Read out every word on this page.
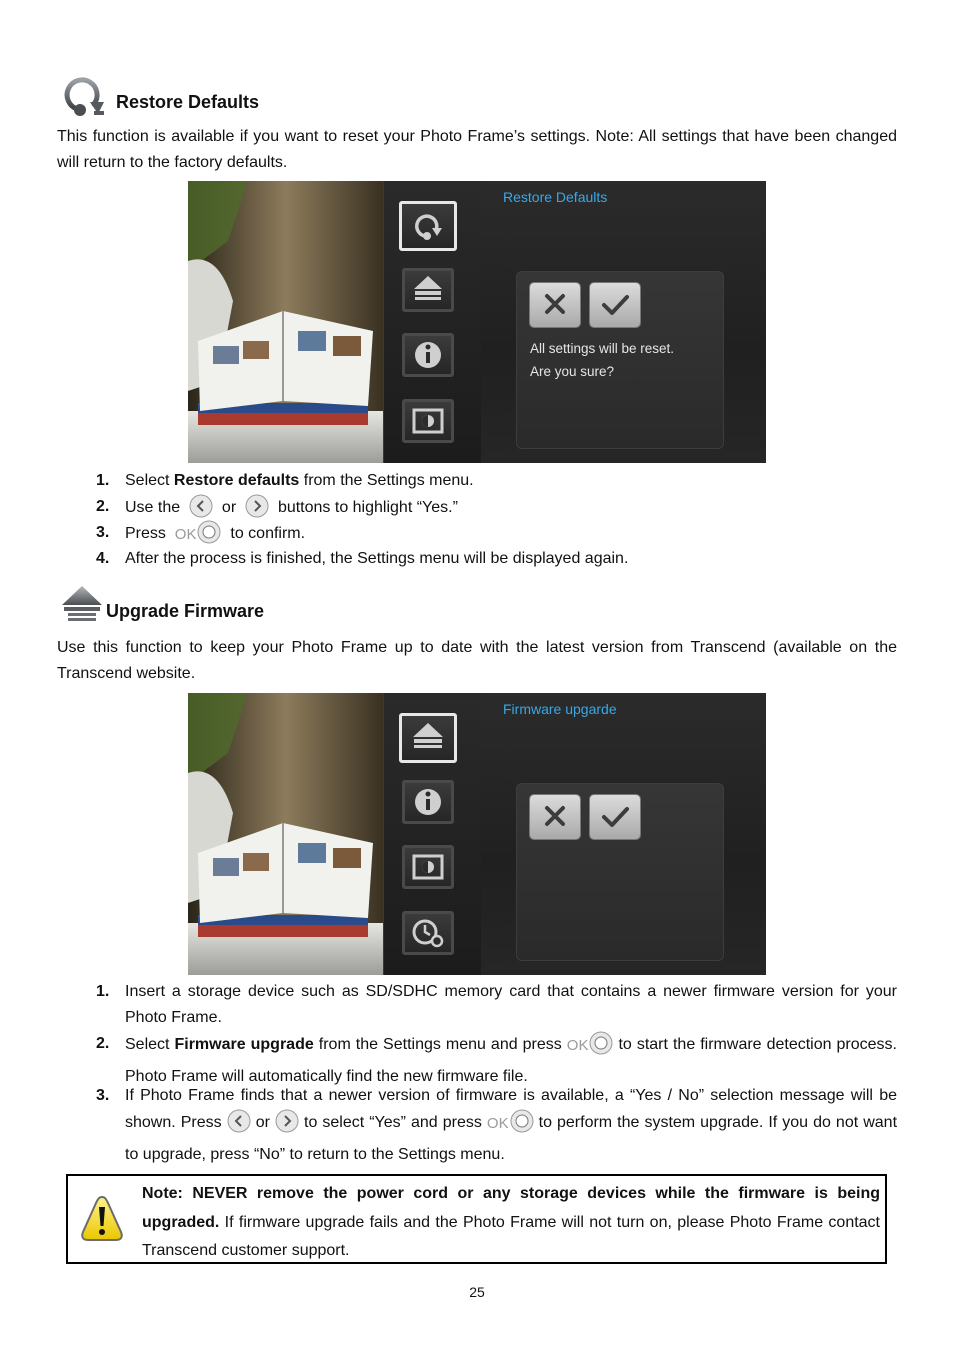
Restore Defaults

This function is available if you want to reset your Photo Frame’s settings. Note: All settings that have been changed will return to the factory defaults.

Restore Defaults
All settings will be reset.
Are you sure?
1. Select Restore defaults from the Settings menu.
2. Use the	or	buttons to highlight “Yes.”
3. Press OK to confirm.
4. After the process is finished, the Settings menu will be displayed again.
Upgrade Firmware

Use this function to keep your Photo Frame up to date with the latest version from Transcend (available on the Transcend website.

Firmware upgarde
1. Insert a storage device such as SD/SDHC memory card that contains a newer firmware version for your Photo Frame.
2. Select Firmware upgrade from the Settings menu and press OK to start the firmware detection process. Photo Frame will automatically find the new firmware file.
3. If Photo Frame finds that a newer version of firmware is available, a “Yes / No” selection message will be shown. Press  or  to select “Yes” and press OK to perform the system upgrade. If you do not want to upgrade, press “No” to return to the Settings menu.
Note: NEVER remove the power cord or any storage devices while the firmware is being upgraded. If firmware upgrade fails and the Photo Frame will not turn on, please Photo Frame contact Transcend customer support.
25
